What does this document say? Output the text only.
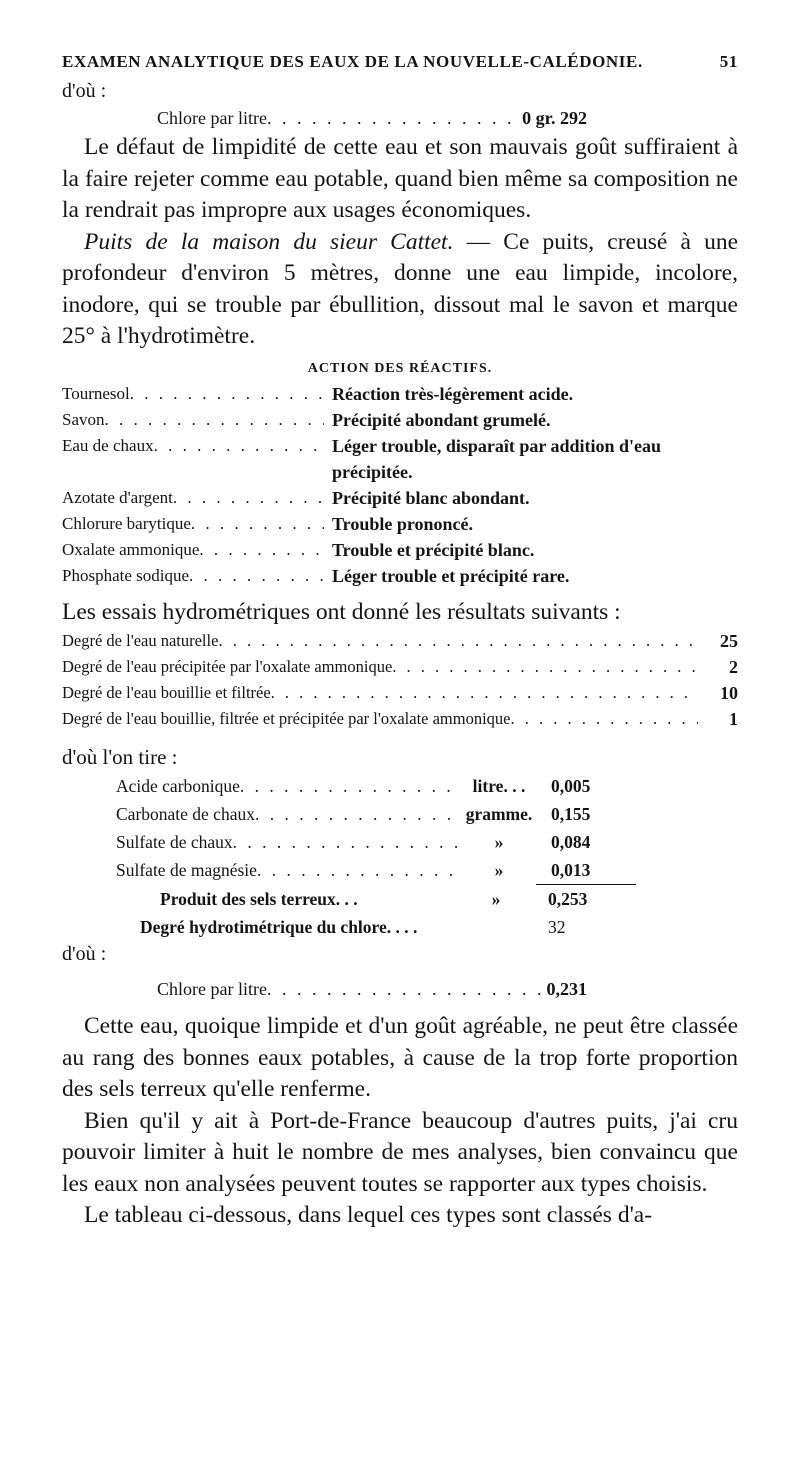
EXAMEN ANALYTIQUE DES EAUX DE LA NOUVELLE-CALÉDONIE.	51

d'où :

Chlore par litre . . .	0 gr. 292

Le défaut de limpidité de cette eau et son mauvais goût suffiraient à la faire rejeter comme eau potable, quand bien même sa composition ne la rendrait pas impropre aux usages économiques.

Puits de la maison du sieur Cattet. — Ce puits, creusé à une profondeur d'environ 5 mètres, donne une eau limpide, incolore, inodore, qui se trouble par ébullition, dissout mal le savon et marque 25° à l'hydrotimètre.

ACTION DES RÉACTIFS.
Tournesol . . .	Réaction très-légèrement acide.
Savon . . .	Précipité abondant grumelé.
Eau de chaux . . .	Léger trouble, disparaît par addition d'eau précipitée.
Azotate d'argent . . .	Précipité blanc abondant.
Chlorure barytique . . .	Trouble prononcé.
Oxalate ammonique . . .	Trouble et précipité blanc.
Phosphate sodique . . .	Léger trouble et précipité rare.

Les essais hydrométriques ont donné les résultats suivants :

Degré de l'eau naturelle . . .	25
Degré de l'eau précipitée par l'oxalate ammonique . . .	2
Degré de l'eau bouillie et filtrée . . .	10
Degré de l'eau bouillie, filtrée et précipitée par l'oxalate ammonique . . .	1

d'où l'on tire :

Acide carbonique . . .	litre. . .	0,005
Carbonate de chaux . . .	gramme.	0,155
Sulfate de chaux . . .	»	0,084
Sulfate de magnésie . . .	»	0,013
Produit des sels terreux. . .	»	0,253
Degré hydrotimétrique du chlore. . . .	32

d'où :

Chlore par litre . . .	0,231

Cette eau, quoique limpide et d'un goût agréable, ne peut être classée au rang des bonnes eaux potables, à cause de la trop forte proportion des sels terreux qu'elle renferme.

Bien qu'il y ait à Port-de-France beaucoup d'autres puits, j'ai cru pouvoir limiter à huit le nombre de mes analyses, bien convaincu que les eaux non analysées peuvent toutes se rapporter aux types choisis.

Le tableau ci-dessous, dans lequel ces types sont classés d'a-
